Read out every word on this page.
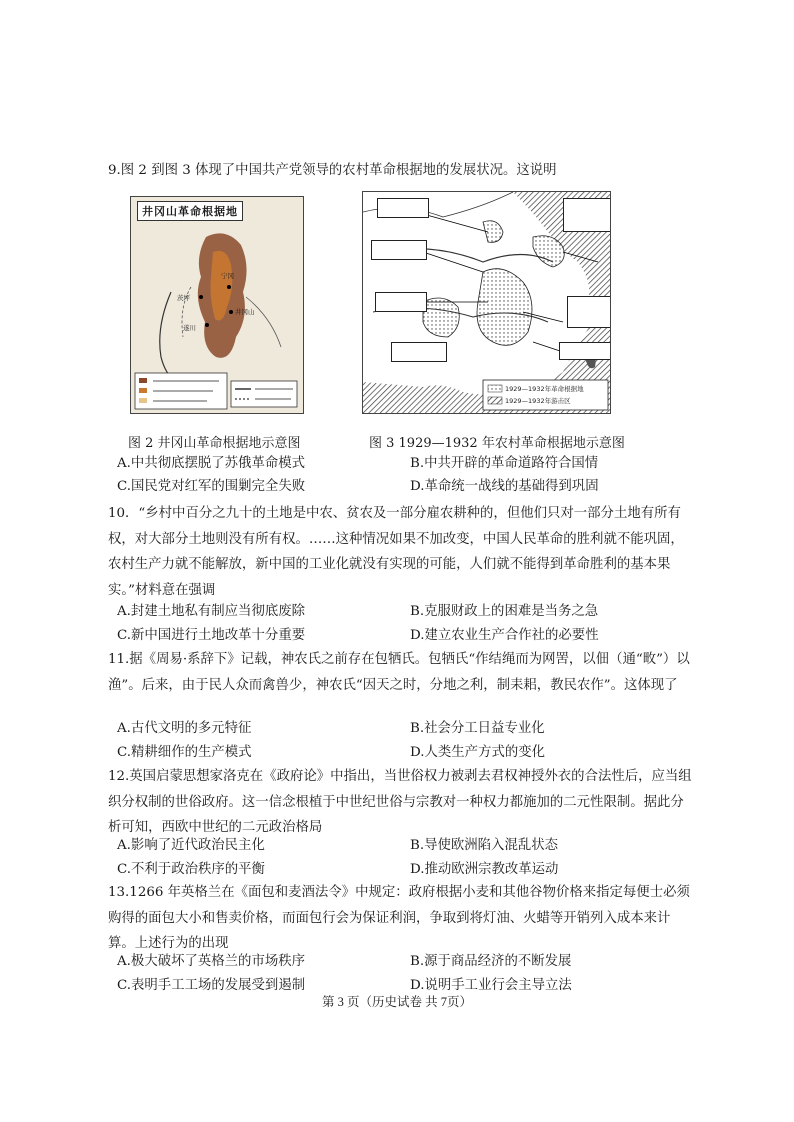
9.图 2 到图 3 体现了中国共产党领导的农村革命根据地的发展状况。这说明

井冈山革命根据地
宁冈
茨坪
井冈山
遂川
1929—1932年革命根据地
1929—1932年游击区

图 2 井冈山革命根据地示意图	图 3 1929—1932 年农村革命根据地示意图

A.中共彻底摆脱了苏俄革命模式	B.中共开辟的革命道路符合国情

C.国民党对红军的围剿完全失败	D.革命统一战线的基础得到巩固

10．“乡村中百分之九十的土地是中农、贫农及一部分雇农耕种的，但他们只对一部分土地有所有权，对大部分土地则没有所有权。……这种情况如果不加改变，中国人民革命的胜利就不能巩固，农村生产力就不能解放，新中国的工业化就没有实现的可能，人们就不能得到革命胜利的基本果实。”材料意在强调

A.封建土地私有制应当彻底废除	B.克服财政上的困难是当务之急

C.新中国进行土地改革十分重要	D.建立农业生产合作社的必要性

11.据《周易·系辞下》记载，神农氏之前存在包牺氏。包牺氏“作结绳而为网罟，以佃（通“畋”）以渔”。后来，由于民人众而禽兽少，神农氏“因天之时，分地之利，制耒耜，教民农作”。这体现了

A.古代文明的多元特征	B.社会分工日益专业化

C.精耕细作的生产模式	D.人类生产方式的变化

12.英国启蒙思想家洛克在《政府论》中指出，当世俗权力被剥去君权神授外衣的合法性后，应当组织分权制的世俗政府。这一信念根植于中世纪世俗与宗教对一种权力都施加的二元性限制。据此分析可知，西欧中世纪的二元政治格局

A.影响了近代政治民主化	B.导使欧洲陷入混乱状态

C.不利于政治秩序的平衡	D.推动欧洲宗教改革运动

13.1266 年英格兰在《面包和麦酒法令》中规定：政府根据小麦和其他谷物价格来指定每便士必须购得的面包大小和售卖价格，而面包行会为保证利润，争取到将灯油、火蜡等开销列入成本来计算。上述行为的出现

A.极大破坏了英格兰的市场秩序	B.源于商品经济的不断发展

C.表明手工工场的发展受到遏制	D.说明手工业行会主导立法

第 3 页（历史试卷 共 7页）
